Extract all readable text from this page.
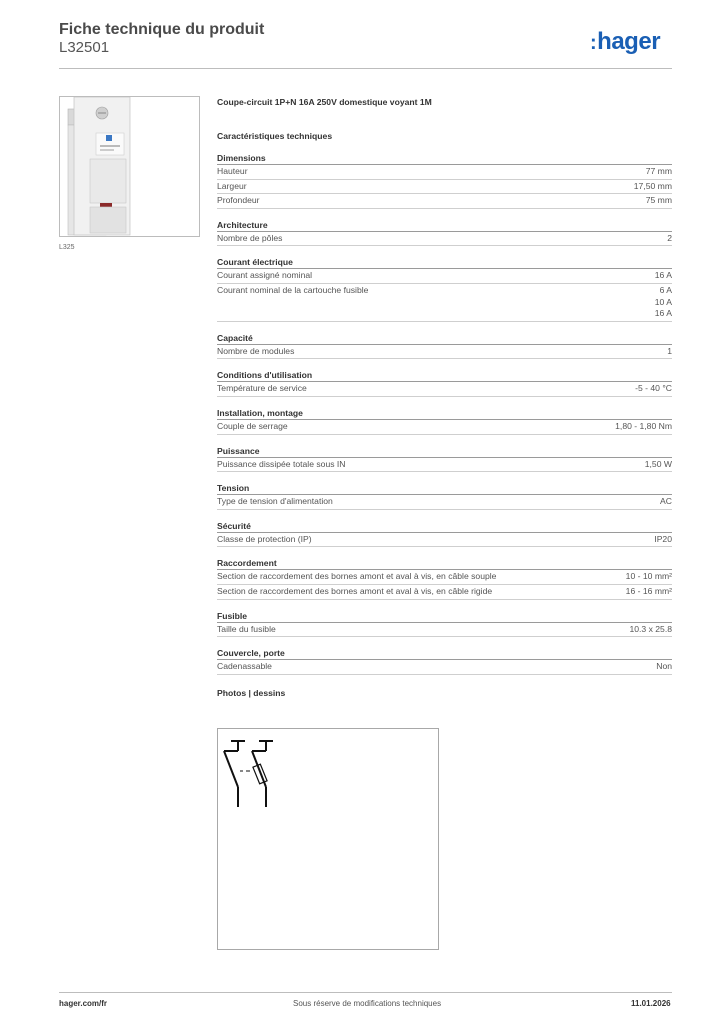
Fiche technique du produit
L32501	:hager
L325
Coupe-circuit 1P+N 16A 250V domestique voyant 1M
Caractéristiques techniques
Dimensions
Hauteur	77 mm
Largeur	17,50 mm
Profondeur	75 mm
Architecture
Nombre de pôles	2
Courant électrique
Courant assigné nominal	16 A
Courant nominal de la cartouche fusible	6 A
10 A
16 A
Capacité
Nombre de modules	1
Conditions d'utilisation
Température de service	-5 - 40 °C
Installation, montage
Couple de serrage	1,80 - 1,80 Nm
Puissance
Puissance dissipée totale sous IN	1,50 W
Tension
Type de tension d'alimentation	AC
Sécurité
Classe de protection (IP)	IP20
Raccordement
Section de raccordement des bornes amont et aval à vis, en câble souple	10 - 10 mm²
Section de raccordement des bornes amont et aval à vis, en câble rigide	16 - 16 mm²
Fusible
Taille du fusible	10.3 x 25.8
Couvercle, porte
Cadenassable	Non
Photos | dessins
hager.com/fr	Sous réserve de modifications techniques	11.01.2026
